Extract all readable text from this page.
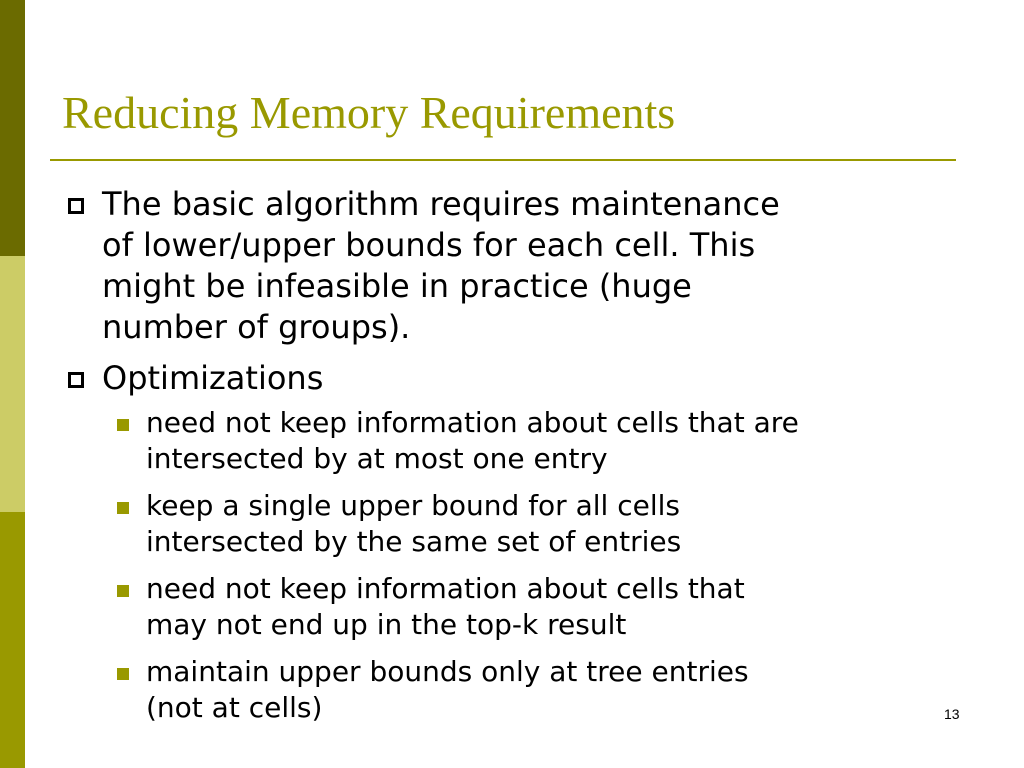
Reducing Memory Requirements
The basic algorithm requires maintenance
of lower/upper bounds for each cell. This
might be infeasible in practice (huge
number of groups).
Optimizations
need not keep information about cells that are
intersected by at most one entry
keep a single upper bound for all cells
intersected by the same set of entries
need not keep information about cells that
may not end up in the top-k result
maintain upper bounds only at tree entries
(not at cells)	13
